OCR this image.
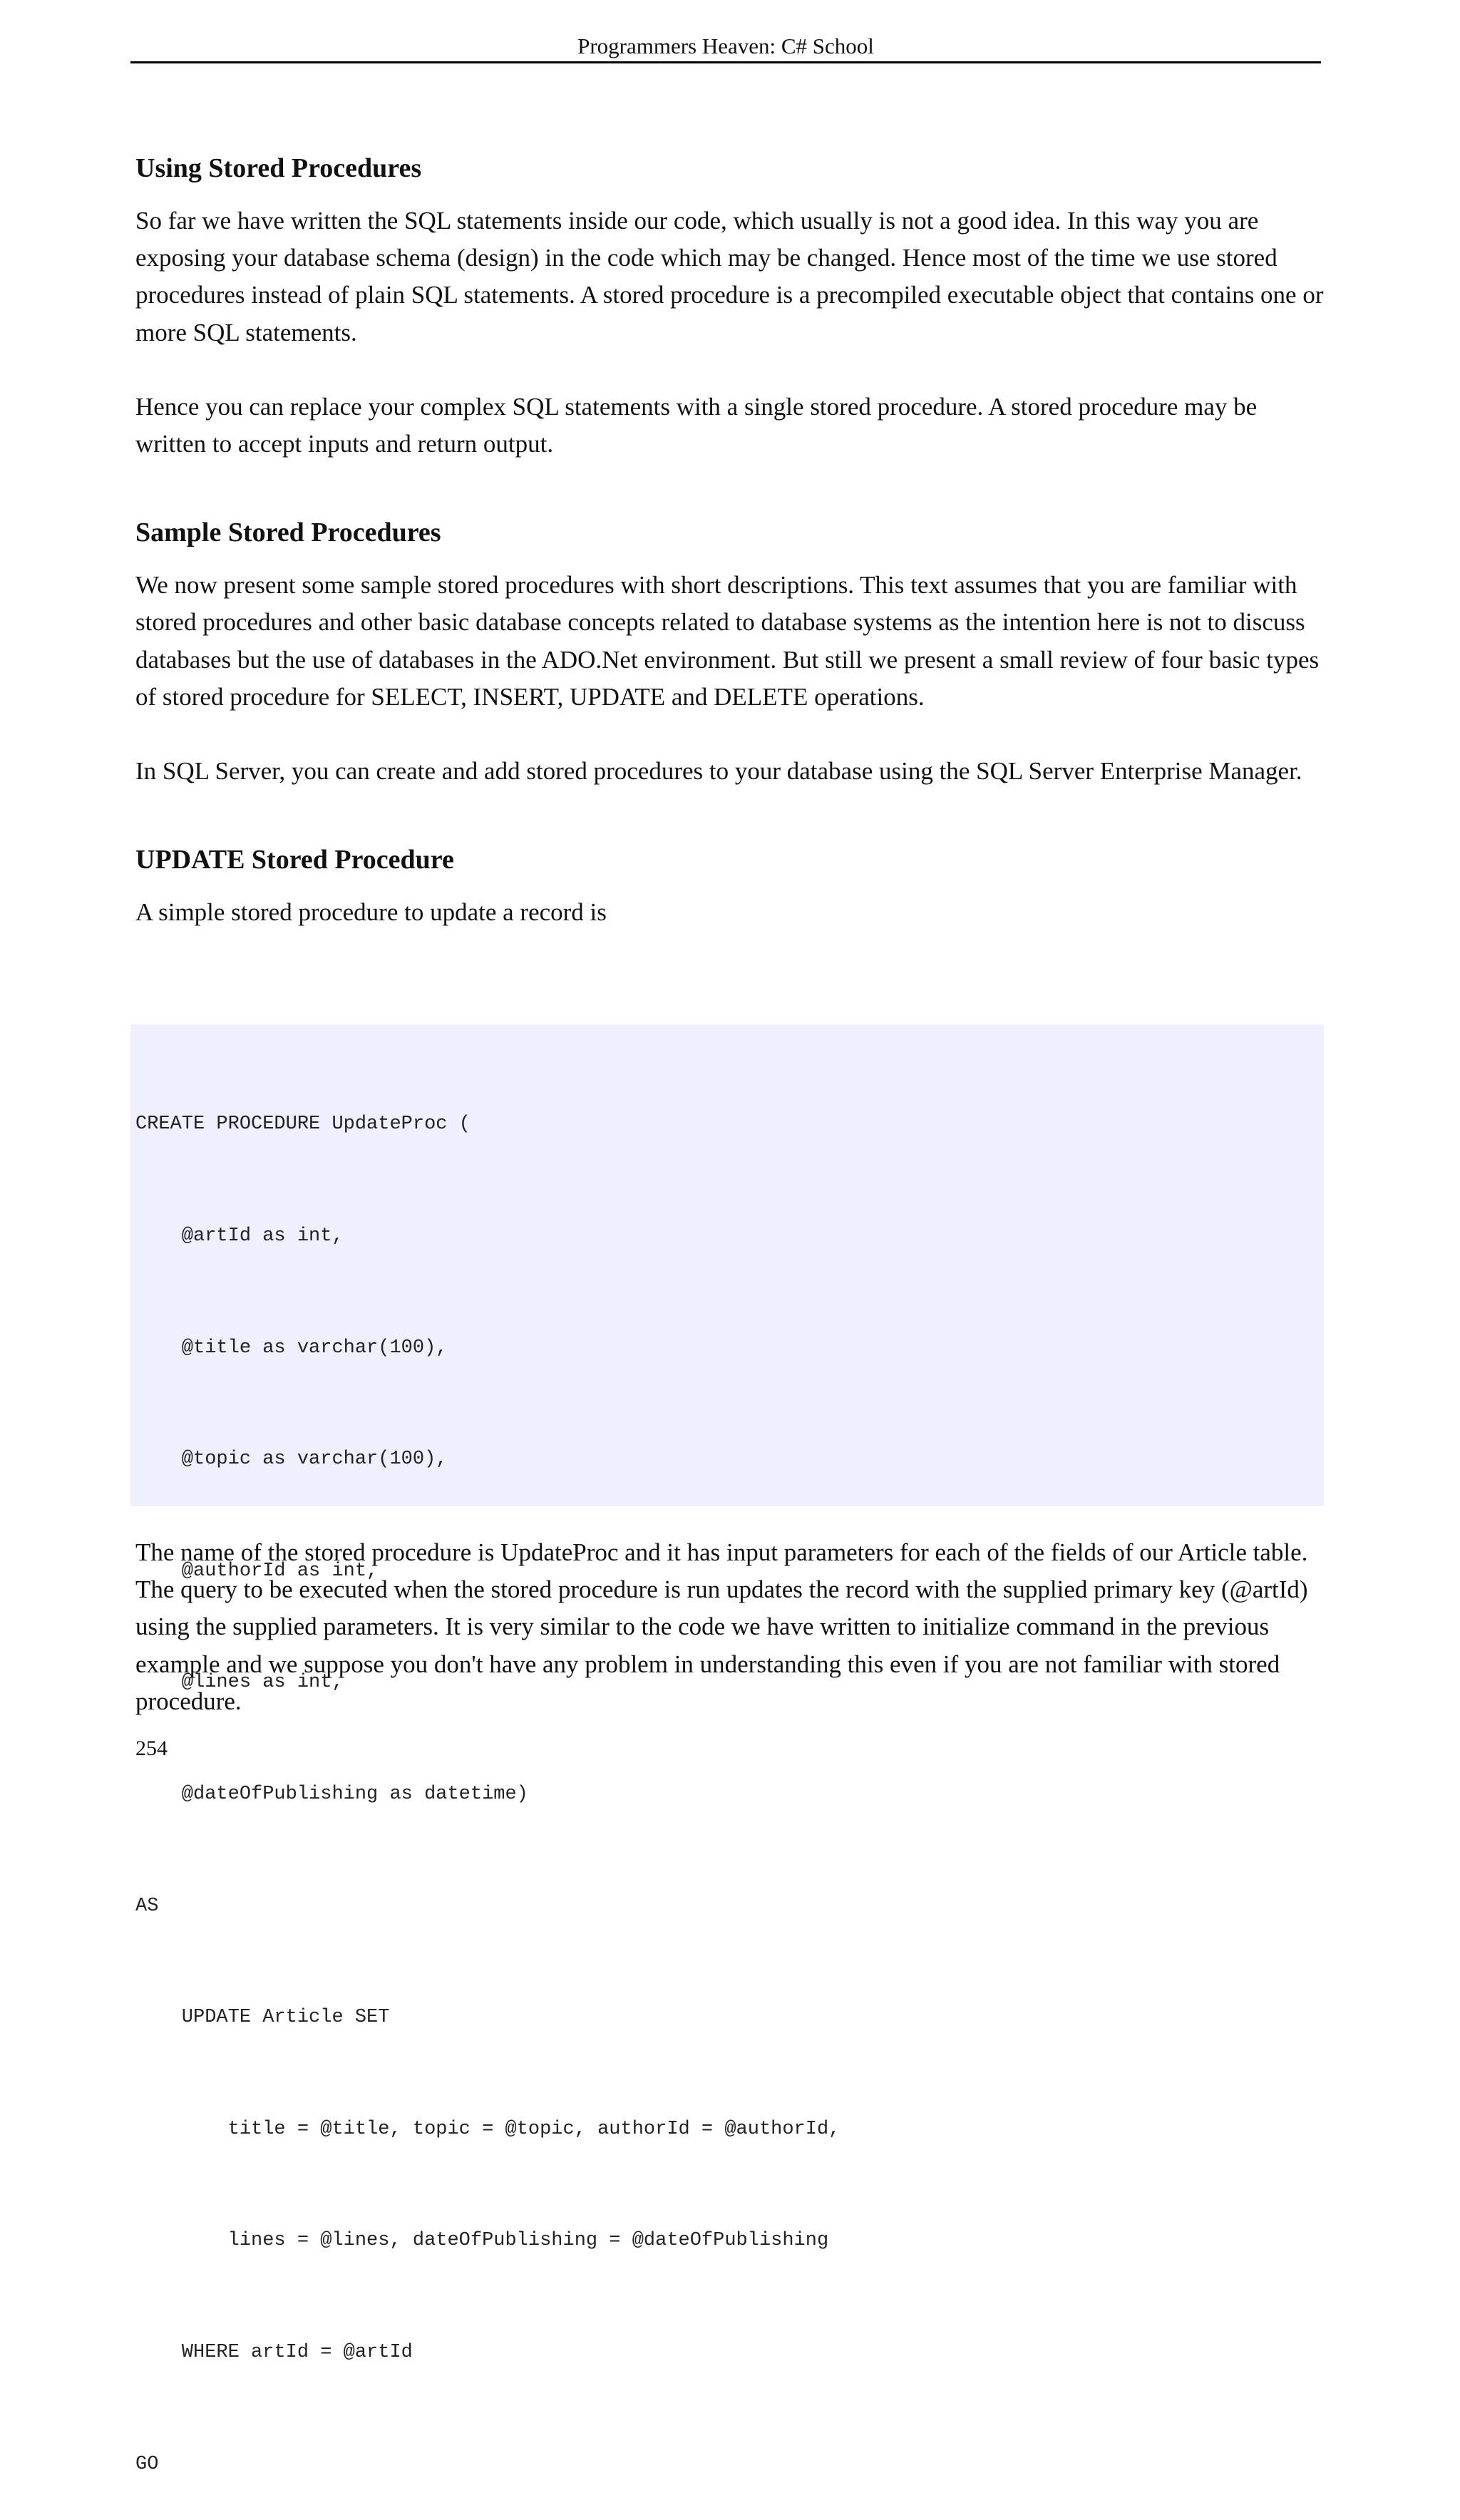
Programmers Heaven: C# School
Using Stored Procedures

So far we have written the SQL statements inside our code, which usually is not a good idea. In this way you are exposing your database schema (design) in the code which may be changed. Hence most of the time we use stored procedures instead of plain SQL statements. A stored procedure is a precompiled executable object that contains one or more SQL statements.

Hence you can replace your complex SQL statements with a single stored procedure. A stored procedure may be written to accept inputs and return output.

Sample Stored Procedures

We now present some sample stored procedures with short descriptions. This text assumes that you are familiar with stored procedures and other basic database concepts related to database systems as the intention here is not to discuss databases but the use of databases in the ADO.Net environment. But still we present a small review of four basic types of stored procedure for SELECT, INSERT, UPDATE and DELETE operations.

In SQL Server, you can create and add stored procedures to your database using the SQL Server Enterprise Manager.

UPDATE Stored Procedure

A simple stored procedure to update a record is

CREATE PROCEDURE UpdateProc (

@artId as int,

@title as varchar(100),

@topic as varchar(100),

@authorId as int,

@lines as int,

@dateOfPublishing as datetime)

AS

UPDATE Article SET

title = @title, topic = @topic, authorId = @authorId,

lines = @lines, dateOfPublishing = @dateOfPublishing

WHERE artId = @artId

GO

The name of the stored procedure is UpdateProc and it has input parameters for each of the fields of our Article table. The query to be executed when the stored procedure is run updates the record with the supplied primary key (@artId) using the supplied parameters. It is very similar to the code we have written to initialize command in the previous example and we suppose you don't have any problem in understanding this even if you are not familiar with stored procedure.

254
